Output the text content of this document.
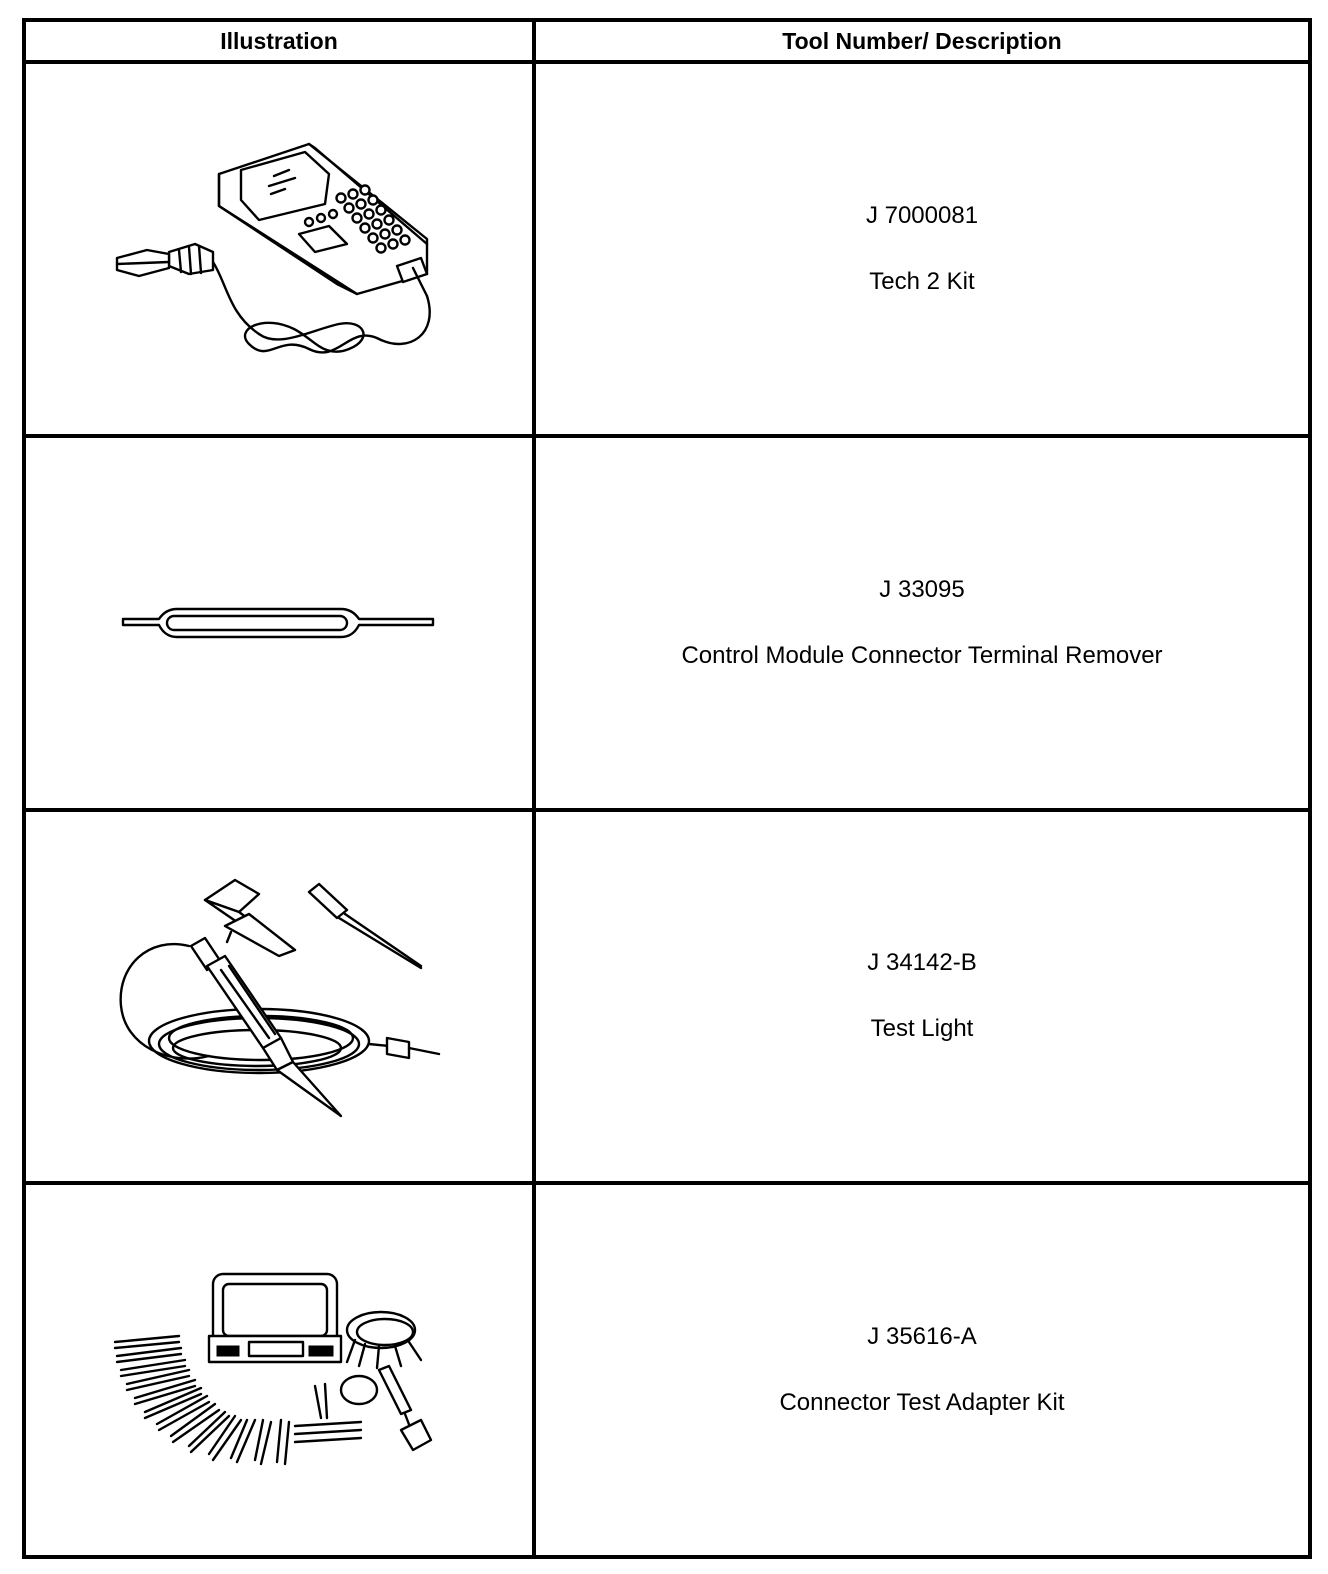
Illustration	Tool Number/ Description

J 7000081
Tech 2 Kit

J 33095
Control Module Connector Terminal Remover

J 34142-B
Test Light

J 35616-A
Connector Test Adapter Kit
